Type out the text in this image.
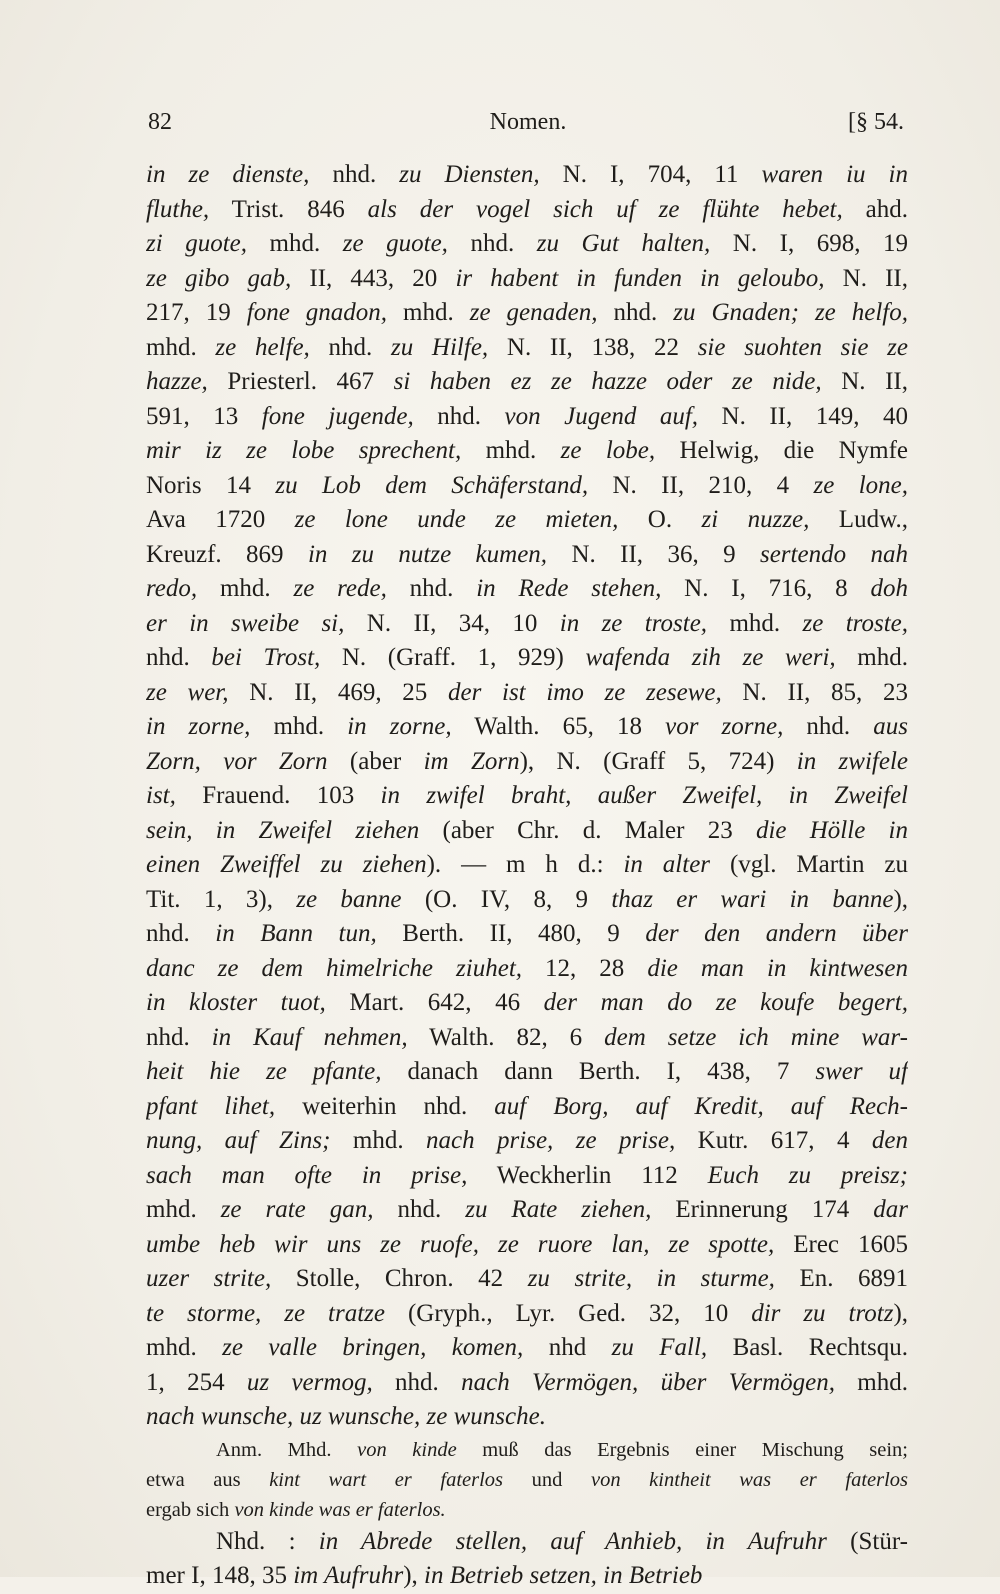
82	Nomen.	[§ 54.
in ze dienste, nhd. zu Diensten, N. I, 704, 11 waren iu in
fluthe, Trist. 846 als der vogel sich uf ze flühte hebet, ahd.
zi guote, mhd. ze guote, nhd. zu Gut halten, N. I, 698, 19
ze gibo gab, II, 443, 20 ir habent in funden in geloubo, N. II,
217, 19 fone gnadon, mhd. ze genaden, nhd. zu Gnaden; ze helfo,
mhd. ze helfe, nhd. zu Hilfe, N. II, 138, 22 sie suohten sie ze
hazze, Priesterl. 467 si haben ez ze hazze oder ze nide, N. II,
591, 13 fone jugende, nhd. von Jugend auf, N. II, 149, 40
mir iz ze lobe sprechent, mhd. ze lobe, Helwig, die Nymfe
Noris 14 zu Lob dem Schäferstand, N. II, 210, 4 ze lone,
Ava 1720 ze lone unde ze mieten, O. zi nuzze, Ludw.,
Kreuzf. 869 in zu nutze kumen, N. II, 36, 9 sertendo nah
redo, mhd. ze rede, nhd. in Rede stehen, N. I, 716, 8 doh
er in sweibe si, N. II, 34, 10 in ze troste, mhd. ze troste,
nhd. bei Trost, N. (Graff. 1, 929) wafenda zih ze weri, mhd.
ze wer, N. II, 469, 25 der ist imo ze zesewe, N. II, 85, 23
in zorne, mhd. in zorne, Walth. 65, 18 vor zorne, nhd. aus
Zorn, vor Zorn (aber im Zorn), N. (Graff 5, 724) in zwifele
ist, Frauend. 103 in zwifel braht, außer Zweifel, in Zweifel
sein, in Zweifel ziehen (aber Chr. d. Maler 23 die Hölle in
einen Zweiffel zu ziehen). — m h d.: in alter (vgl. Martin zu
Tit. 1, 3), ze banne (O. IV, 8, 9 thaz er wari in banne),
nhd. in Bann tun, Berth. II, 480, 9 der den andern über
danc ze dem himelriche ziuhet, 12, 28 die man in kintwesen
in kloster tuot, Mart. 642, 46 der man do ze koufe begert,
nhd. in Kauf nehmen, Walth. 82, 6 dem setze ich mine war-
heit hie ze pfante, danach dann Berth. I, 438, 7 swer uf
pfant lihet, weiterhin nhd. auf Borg, auf Kredit, auf Rech-
nung, auf Zins; mhd. nach prise, ze prise, Kutr. 617, 4 den
sach man ofte in prise, Weckherlin 112 Euch zu preisz;
mhd. ze rate gan, nhd. zu Rate ziehen, Erinnerung 174 dar
umbe heb wir uns ze ruofe, ze ruore lan, ze spotte, Erec 1605
uzer strite, Stolle, Chron. 42 zu strite, in sturme, En. 6891
te storme, ze tratze (Gryph., Lyr. Ged. 32, 10 dir zu trotz),
mhd. ze valle bringen, komen, nhd zu Fall, Basl. Rechtsqu.
1, 254 uz vermog, nhd. nach Vermögen, über Vermögen, mhd.
nach wunsche, uz wunsche, ze wunsche.
Anm. Mhd. von kinde muß das Ergebnis einer Mischung sein;
etwa aus kint wart er faterlos und von kintheit was er faterlos
ergab sich von kinde was er faterlos.
Nhd. : in Abrede stellen, auf Anhieb, in Aufruhr (Stür-
mer I, 148, 35 im Aufruhr), in Betrieb setzen, in Betrieb
